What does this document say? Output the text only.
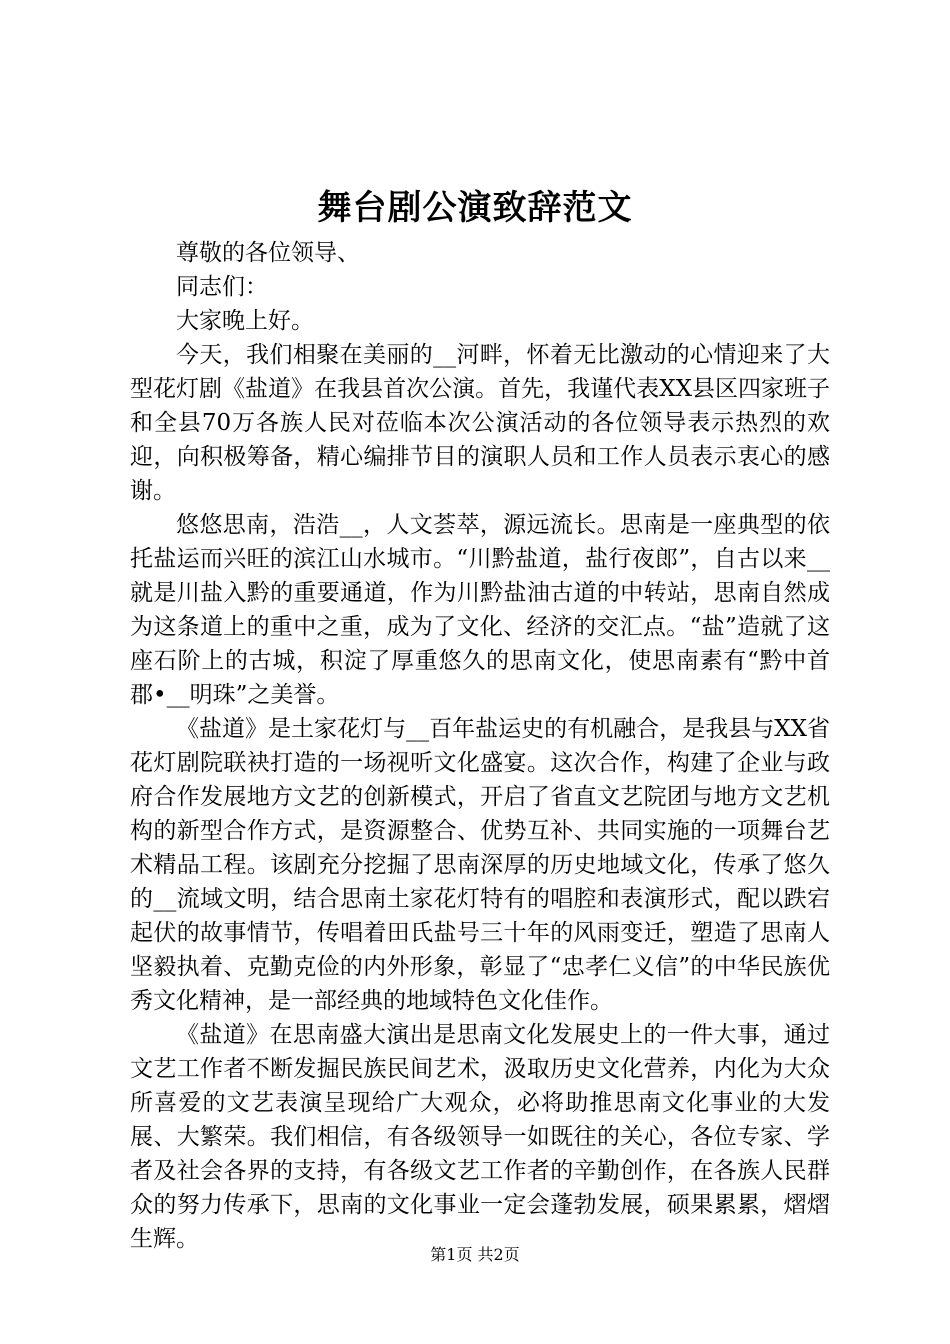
舞台剧公演致辞范文

尊敬的各位领导、

同志们：

大家晚上好。

今天，我们相聚在美丽的__河畔，怀着无比激动的心情迎来了大型花灯剧《盐道》在我县首次公演。首先，我谨代表XX县区四家班子和全县70万各族人民对莅临本次公演活动的各位领导表示热烈的欢迎，向积极筹备，精心编排节目的演职人员和工作人员表示衷心的感谢。

悠悠思南，浩浩__，人文荟萃，源远流长。思南是一座典型的依托盐运而兴旺的滨江山水城市。“川黔盐道，盐行夜郎”，自古以来__就是川盐入黔的重要通道，作为川黔盐油古道的中转站，思南自然成为这条道上的重中之重，成为了文化、经济的交汇点。“盐”造就了这座石阶上的古城，积淀了厚重悠久的思南文化，使思南素有“黔中首郡•__明珠”之美誉。

《盐道》是土家花灯与__百年盐运史的有机融合，是我县与XX省花灯剧院联袂打造的一场视听文化盛宴。这次合作，构建了企业与政府合作发展地方文艺的创新模式，开启了省直文艺院团与地方文艺机构的新型合作方式，是资源整合、优势互补、共同实施的一项舞台艺术精品工程。该剧充分挖掘了思南深厚的历史地域文化，传承了悠久的__流域文明，结合思南土家花灯特有的唱腔和表演形式，配以跌宕起伏的故事情节，传唱着田氏盐号三十年的风雨变迁，塑造了思南人坚毅执着、克勤克俭的内外形象，彰显了“忠孝仁义信”的中华民族优秀文化精神，是一部经典的地域特色文化佳作。

《盐道》在思南盛大演出是思南文化发展史上的一件大事，通过文艺工作者不断发掘民族民间艺术，汲取历史文化营养，内化为大众所喜爱的文艺表演呈现给广大观众，必将助推思南文化事业的大发展、大繁荣。我们相信，有各级领导一如既往的关心，各位专家、学者及社会各界的支持，有各级文艺工作者的辛勤创作，在各族人民群众的努力传承下，思南的文化事业一定会蓬勃发展，硕果累累，熠熠生辉。

第1页 共2页
